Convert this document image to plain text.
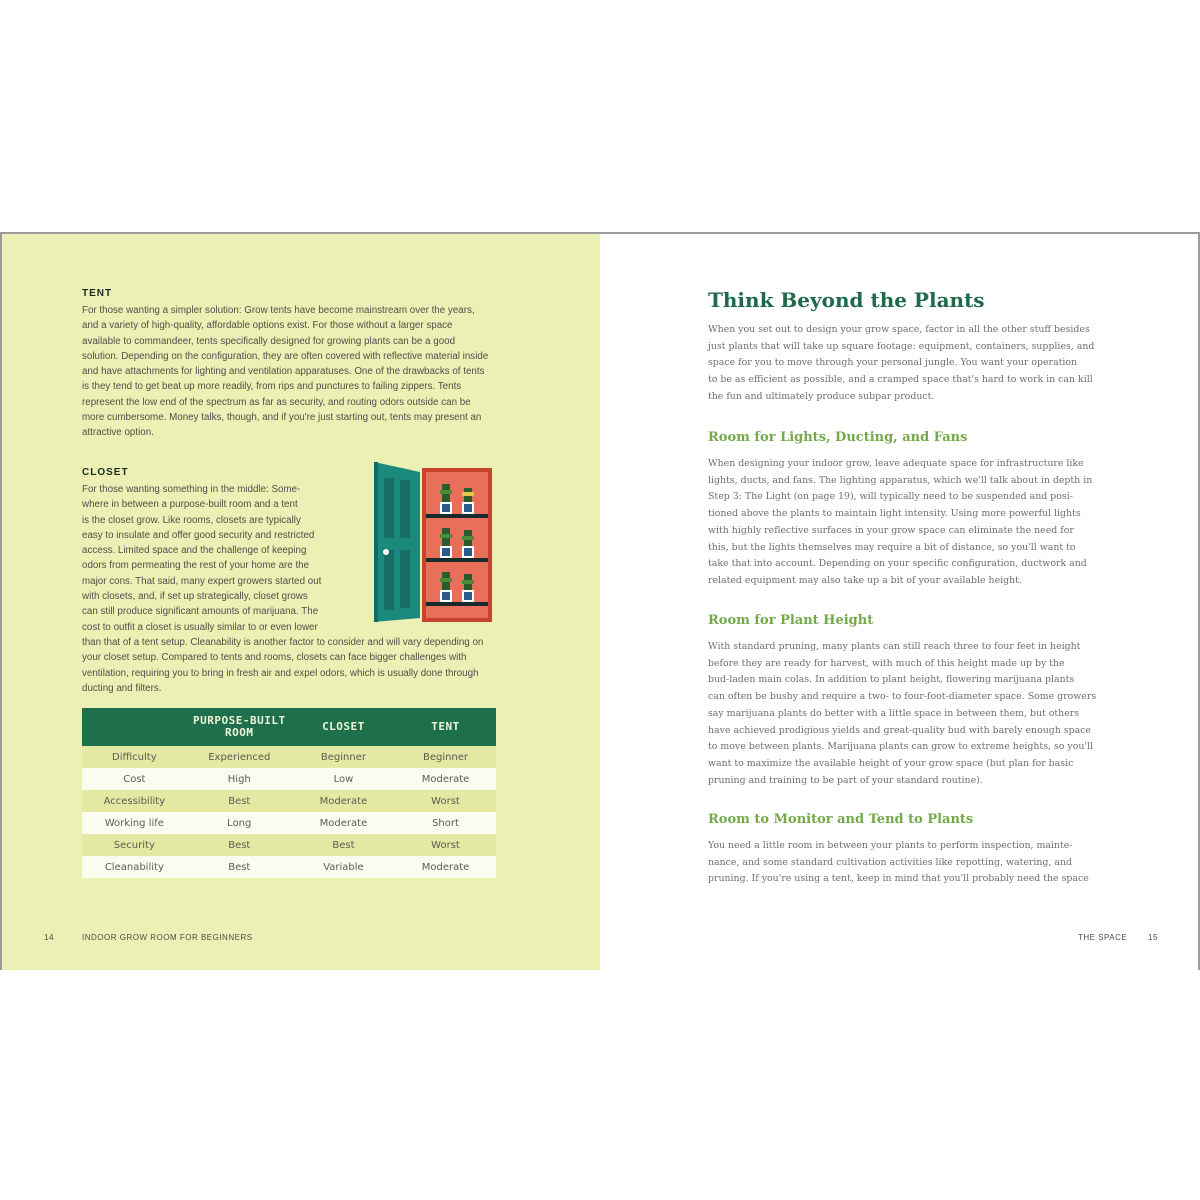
TENT

For those wanting a simpler solution: Grow tents have become mainstream over the years, and a variety of high-quality, affordable options exist. For those without a larger space available to commandeer, tents specifically designed for growing plants can be a good solution. Depending on the configuration, they are often covered with reflective material inside and have attachments for lighting and ventilation apparatuses. One of the drawbacks of tents is they tend to get beat up more readily, from rips and punctures to failing zippers. Tents represent the low end of the spectrum as far as security, and routing odors outside can be more cumbersome. Money talks, though, and if you're just starting out, tents may present an attractive option.

CLOSET

For those wanting something in the middle: Some-
where in between a purpose-built room and a tent
is the closet grow. Like rooms, closets are typically
easy to insulate and offer good security and restricted
access. Limited space and the challenge of keeping
odors from permeating the rest of your home are the
major cons. That said, many expert growers started out
with closets, and, if set up strategically, closet grows
can still produce significant amounts of marijuana. The
cost to outfit a closet is usually similar to or even lower

than that of a tent setup. Cleanability is another factor to consider and will vary depending on your closet setup. Compared to tents and rooms, closets can face bigger challenges with ventilation, requiring you to bring in fresh air and expel odors, which is usually done through ducting and filters.

	PURPOSE-BUILT ROOM	CLOSET	TENT
Difficulty	Experienced	Beginner	Beginner
Cost	High	Low	Moderate
Accessibility	Best	Moderate	Worst
Working life	Long	Moderate	Short
Security	Best	Best	Worst
Cleanability	Best	Variable	Moderate

14	INDOOR GROW ROOM FOR BEGINNERS

Think Beyond the Plants
When you set out to design your grow space, factor in all the other stuff besides
just plants that will take up square footage: equipment, containers, supplies, and
space for you to move through your personal jungle. You want your operation
to be as efficient as possible, and a cramped space that's hard to work in can kill
the fun and ultimately produce subpar product.
Room for Lights, Ducting, and Fans
When designing your indoor grow, leave adequate space for infrastructure like
lights, ducts, and fans. The lighting apparatus, which we'll talk about in depth in
Step 3: The Light (on page 19), will typically need to be suspended and posi-
tioned above the plants to maintain light intensity. Using more powerful lights
with highly reflective surfaces in your grow space can eliminate the need for
this, but the lights themselves may require a bit of distance, so you'll want to
take that into account. Depending on your specific configuration, ductwork and
related equipment may also take up a bit of your available height.
Room for Plant Height
With standard pruning, many plants can still reach three to four feet in height
before they are ready for harvest, with much of this height made up by the
bud-laden main colas. In addition to plant height, flowering marijuana plants
can often be bushy and require a two- to four-foot-diameter space. Some growers
say marijuana plants do better with a little space in between them, but others
have achieved prodigious yields and great-quality bud with barely enough space
to move between plants. Marijuana plants can grow to extreme heights, so you'll
want to maximize the available height of your grow space (but plan for basic
pruning and training to be part of your standard routine).
Room to Monitor and Tend to Plants
You need a little room in between your plants to perform inspection, mainte-
nance, and some standard cultivation activities like repotting, watering, and
pruning. If you're using a tent, keep in mind that you'll probably need the space

THE SPACE	15
